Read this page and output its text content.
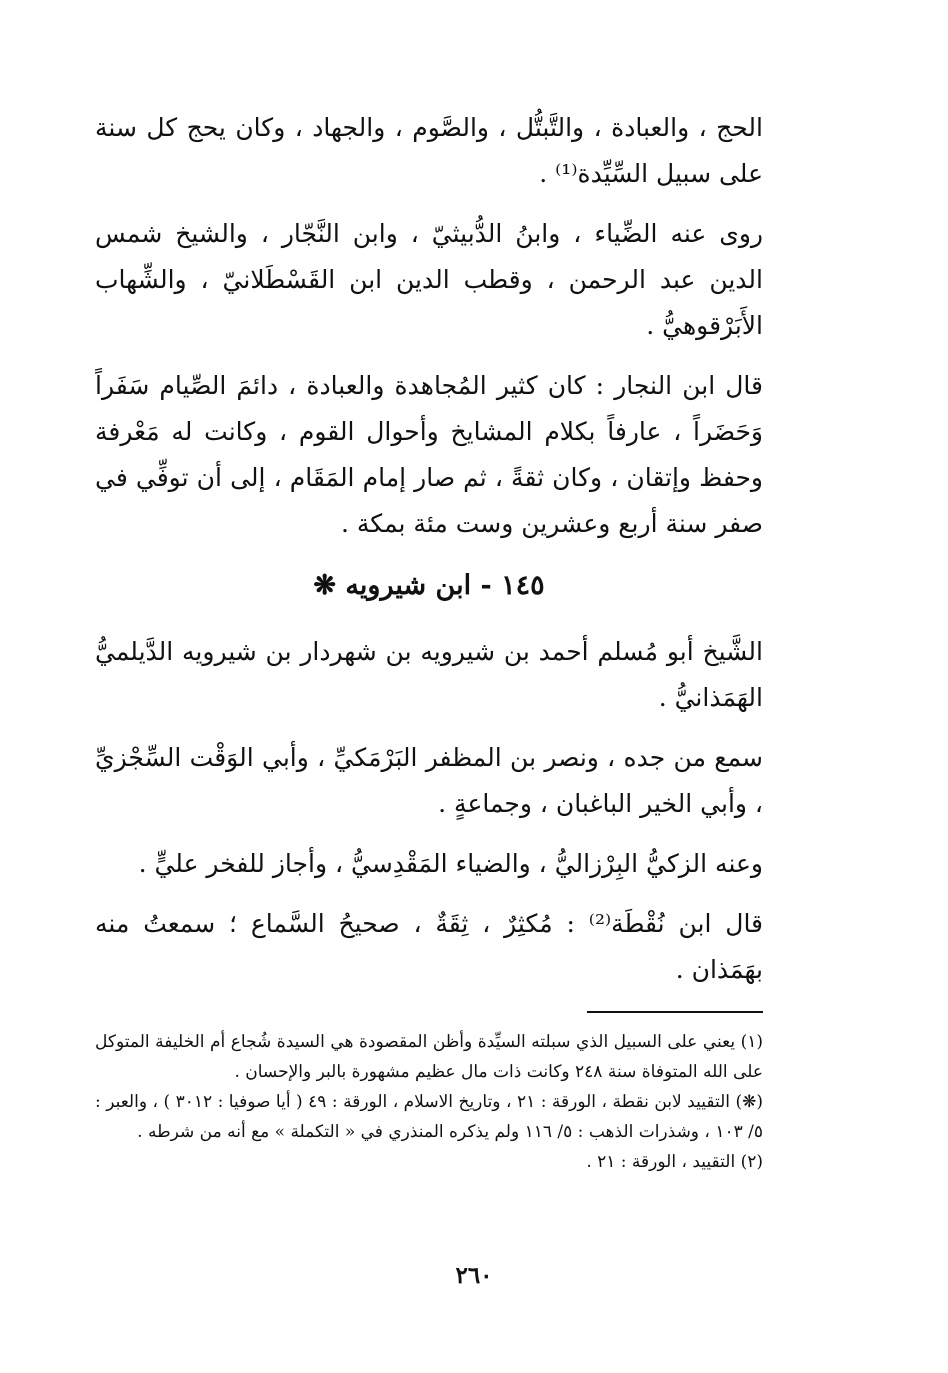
الحج ، والعبادة ، والتَّبتُّل ، والصَّوم ، والجهاد ، وكان يحج كل سنة على سبيل السِّيِّدة⁽¹⁾ .

روى عنه الضِّياء ، وابنُ الدُّبيثيّ ، وابن النَّجّار ، والشيخ شمس الدين عبد الرحمن ، وقطب الدين ابن القَسْطَلانيّ ، والشِّهاب الأَبَرْقوهيُّ .

قال ابن النجار : كان كثير المُجاهدة والعبادة ، دائمَ الصِّيام سَفَراً وَحَضَراً ، عارفاً بكلام المشايخ وأحوال القوم ، وكانت له مَعْرفة وحفظ وإتقان ، وكان ثقةً ، ثم صار إمام المَقَام ، إلى أن توفِّي في صفر سنة أربع وعشرين وست مئة بمكة .

١٤٥ - ابن شيرويه ❋

الشَّيخ أبو مُسلم أحمد بن شيرويه بن شهردار بن شيرويه الدَّيلميُّ الهَمَذانيُّ .

سمع من جده ، ونصر بن المظفر البَرْمَكيِّ ، وأبي الوَقْت السِّجْزيِّ ، وأبي الخير الباغبان ، وجماعةٍ .

وعنه الزكيُّ البِرْزاليُّ ، والضياء المَقْدِسيُّ ، وأجاز للفخر عليٍّ .

قال ابن نُقْطَة⁽²⁾ : مُكثِرٌ ، ثِقَةٌ ، صحيحُ السَّماع ؛ سمعتُ منه بهَمَذان .

(١) يعني على السبيل الذي سبلته السيِّدة وأظن المقصودة هي السيدة شُجاع أم الخليفة المتوكل على الله المتوفاة سنة ٢٤٨ وكانت ذات مال عظيم مشهورة بالبر والإحسان .

(❋) التقييد لابن نقطة ، الورقة : ٢١ ، وتاريخ الاسلام ، الورقة : ٤٩ ( أيا صوفيا : ٣٠١٢ ) ، والعبر : ٥/ ١٠٣ ، وشذرات الذهب : ٥/ ١١٦ ولم يذكره المنذري في « التكملة » مع أنه من شرطه .

(٢) التقييد ، الورقة : ٢١ .

٢٦٠
